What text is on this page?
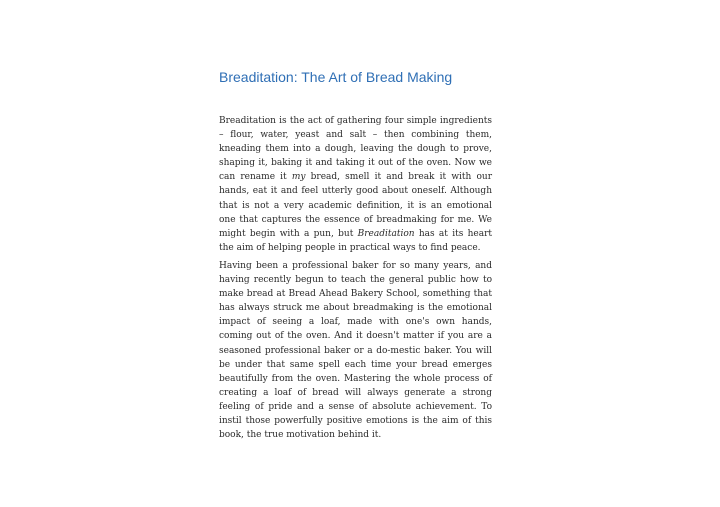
Breaditation: The Art of Bread Making

Breaditation is the act of gathering four simple ingredients – flour, water, yeast and salt – then combining them, kneading them into a dough, leaving the dough to prove, shaping it, baking it and taking it out of the oven. Now we can rename it my bread, smell it and break it with our hands, eat it and feel utterly good about oneself. Although that is not a very academic definition, it is an emotional one that captures the essence of breadmaking for me. We might begin with a pun, but Breaditation has at its heart the aim of helping people in practical ways to find peace.

Having been a professional baker for so many years, and having recently begun to teach the general public how to make bread at Bread Ahead Bakery School, something that has always struck me about breadmaking is the emotional impact of seeing a loaf, made with one's own hands, coming out of the oven. And it doesn't matter if you are a seasoned professional baker or a do-mestic baker. You will be under that same spell each time your bread emerges beautifully from the oven. Mastering the whole process of creating a loaf of bread will always generate a strong feeling of pride and a sense of absolute achievement. To instil those powerfully positive emotions is the aim of this book, the true motivation behind it.
